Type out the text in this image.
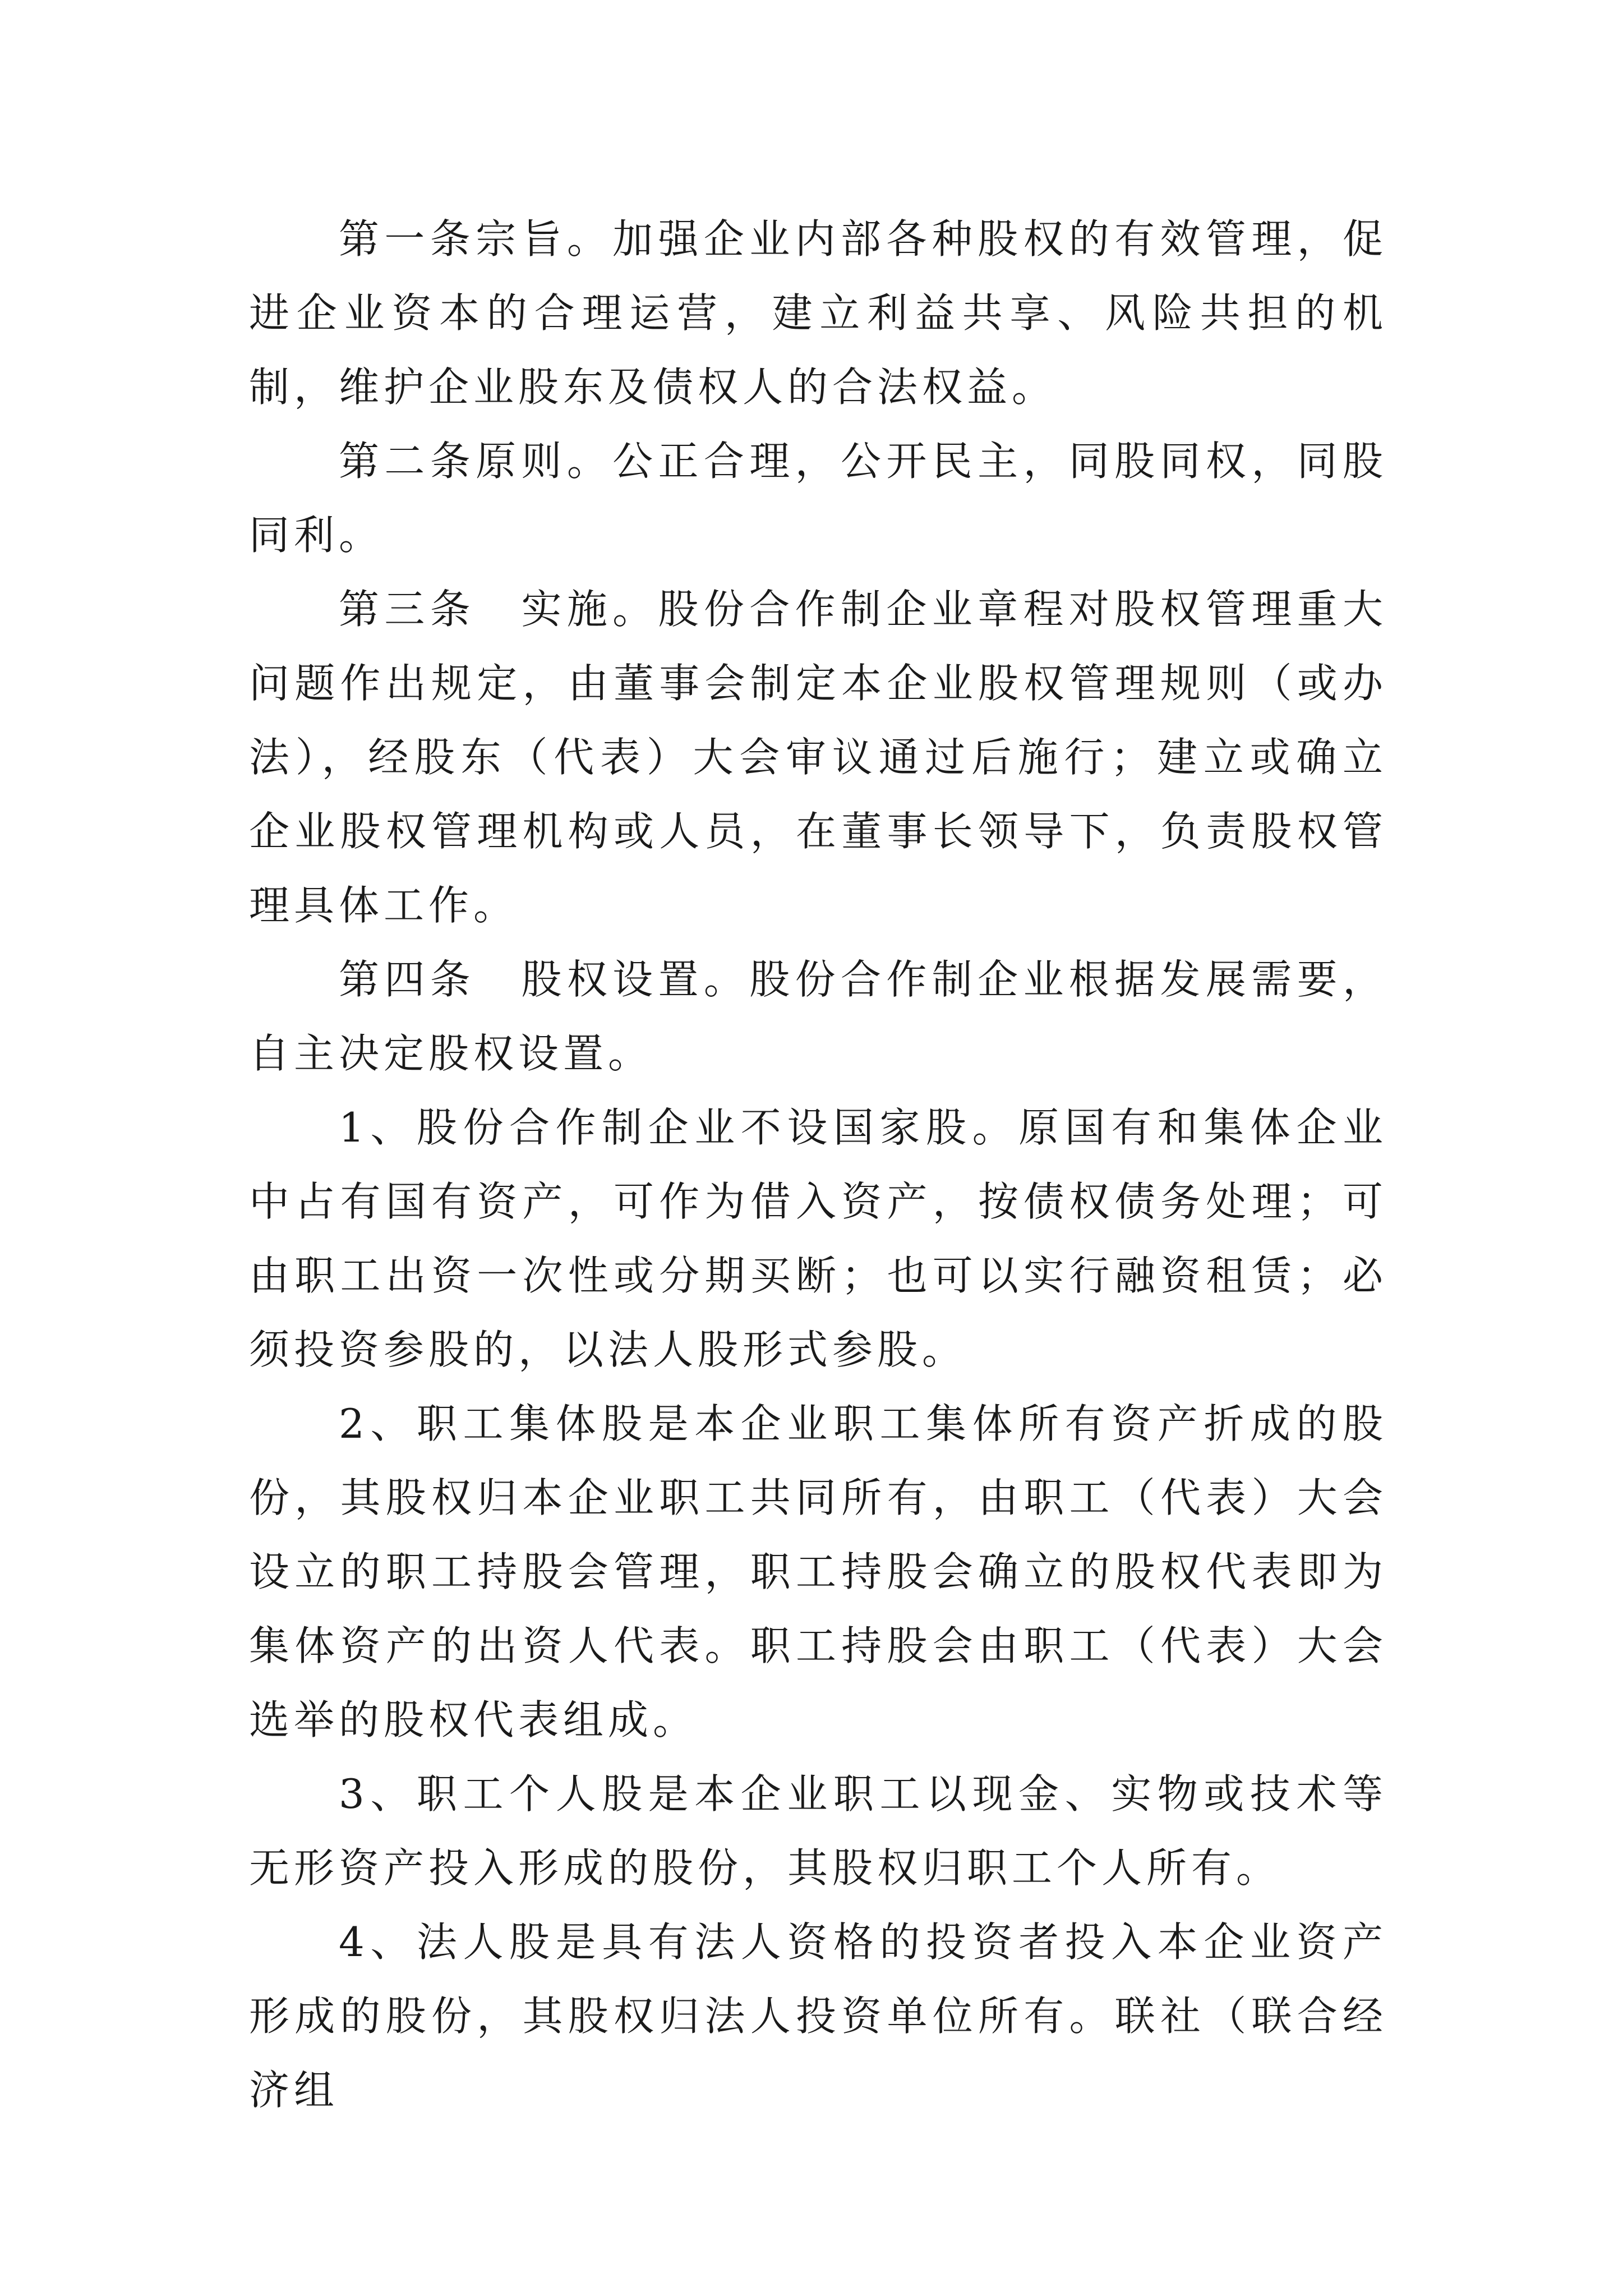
第一条宗旨。加强企业内部各种股权的有效管理，促进企业资本的合理运营，建立利益共享、风险共担的机制，维护企业股东及债权人的合法权益。

第二条原则。公正合理，公开民主，同股同权，同股同利。

第三条　实施。股份合作制企业章程对股权管理重大问题作出规定，由董事会制定本企业股权管理规则（或办法），经股东（代表）大会审议通过后施行；建立或确立企业股权管理机构或人员，在董事长领导下，负责股权管理具体工作。

第四条　股权设置。股份合作制企业根据发展需要，自主决定股权设置。

1、股份合作制企业不设国家股。原国有和集体企业中占有国有资产，可作为借入资产，按债权债务处理；可由职工出资一次性或分期买断；也可以实行融资租赁；必须投资参股的，以法人股形式参股。

2、职工集体股是本企业职工集体所有资产折成的股份，其股权归本企业职工共同所有，由职工（代表）大会设立的职工持股会管理，职工持股会确立的股权代表即为集体资产的出资人代表。职工持股会由职工（代表）大会选举的股权代表组成。

3、职工个人股是本企业职工以现金、实物或技术等无形资产投入形成的股份，其股权归职工个人所有。

4、法人股是具有法人资格的投资者投入本企业资产形成的股份，其股权归法人投资单位所有。联社（联合经济组
